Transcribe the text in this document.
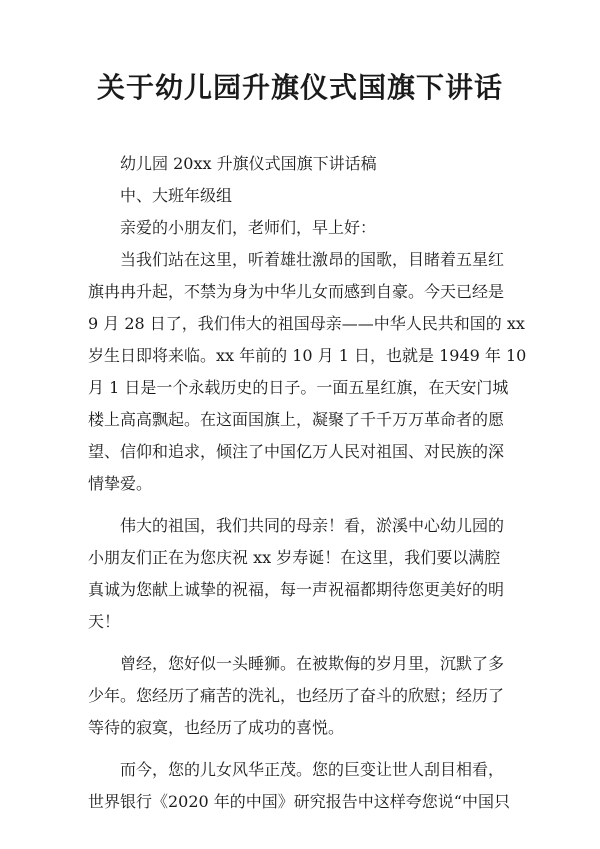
关于幼儿园升旗仪式国旗下讲话
幼儿园 20xx 升旗仪式国旗下讲话稿
中、大班年级组
亲爱的小朋友们，老师们，早上好：
当我们站在这里，听着雄壮激昂的国歌，目睹着五星红
旗冉冉升起，不禁为身为中华儿女而感到自豪。今天已经是
9 月 28 日了，我们伟大的祖国母亲——中华人民共和国的 xx
岁生日即将来临。xx 年前的 10 月 1 日，也就是 1949 年 10
月 1 日是一个永载历史的日子。一面五星红旗，在天安门城
楼上高高飘起。在这面国旗上，凝聚了千千万万革命者的愿
望、信仰和追求，倾注了中国亿万人民对祖国、对民族的深
情挚爱。
伟大的祖国，我们共同的母亲！看，淤溪中心幼儿园的
小朋友们正在为您庆祝 xx 岁寿诞！在这里，我们要以满腔
真诚为您献上诚挚的祝福，每一声祝福都期待您更美好的明
天！
曾经，您好似一头睡狮。在被欺侮的岁月里，沉默了多
少年。您经历了痛苦的洗礼，也经历了奋斗的欣慰；经历了
等待的寂寞，也经历了成功的喜悦。
而今，您的儿女风华正茂。您的巨变让世人刮目相看，
世界银行《2020 年的中国》研究报告中这样夸您说“中国只
